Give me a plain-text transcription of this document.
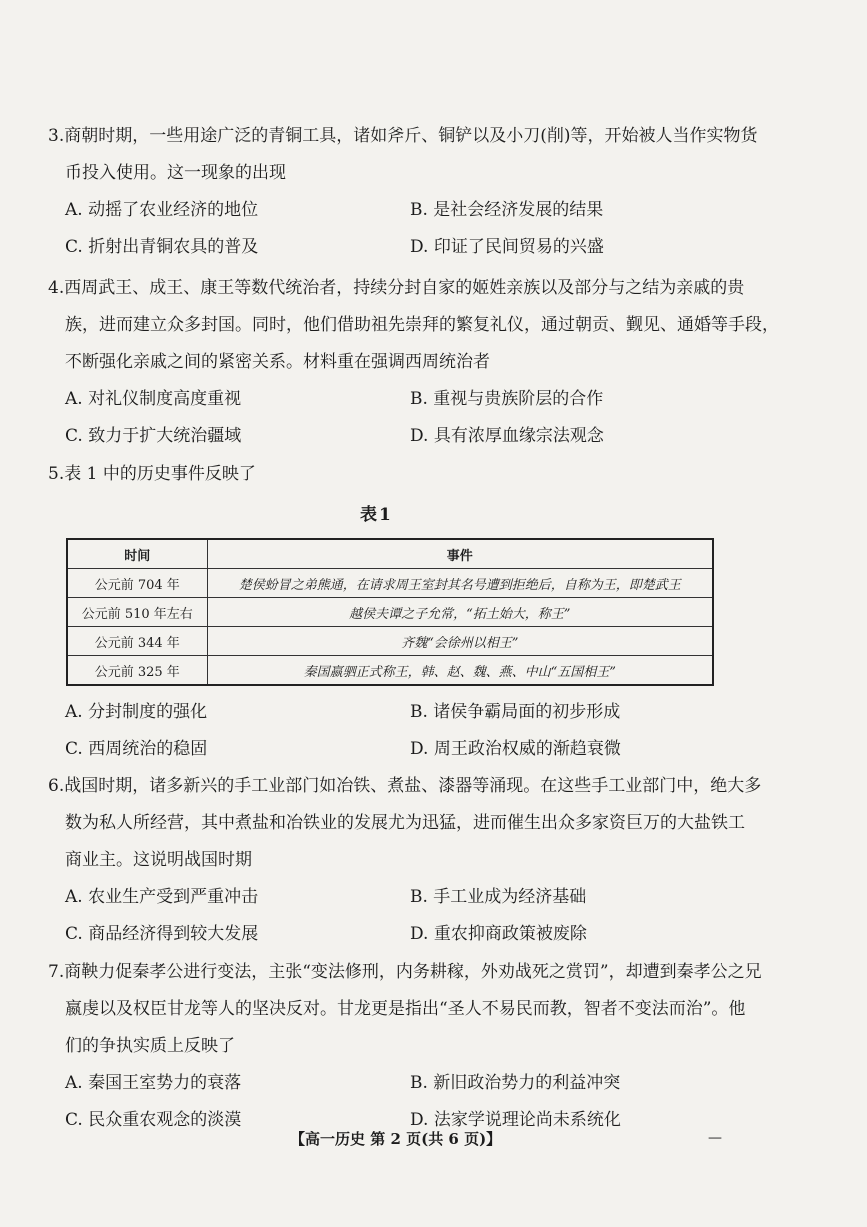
3.商朝时期，一些用途广泛的青铜工具，诸如斧斤、铜铲以及小刀(削)等，开始被人当作实物货
币投入使用。这一现象的出现
A. 动摇了农业经济的地位	B. 是社会经济发展的结果
C. 折射出青铜农具的普及	D. 印证了民间贸易的兴盛
4.西周武王、成王、康王等数代统治者，持续分封自家的姬姓亲族以及部分与之结为亲戚的贵
族，进而建立众多封国。同时，他们借助祖先崇拜的繁复礼仪，通过朝贡、觐见、通婚等手段，
不断强化亲戚之间的紧密关系。材料重在强调西周统治者
A. 对礼仪制度高度重视	B. 重视与贵族阶层的合作
C. 致力于扩大统治疆域	D. 具有浓厚血缘宗法观念
5.表 1 中的历史事件反映了
表1
时间	事件
公元前 704 年	楚侯蚡冒之弟熊通，在请求周王室封其名号遭到拒绝后，自称为王，即楚武王
公元前 510 年左右	越侯夫谭之子允常，“拓土始大，称王”
公元前 344 年	齐魏“会徐州以相王”
公元前 325 年	秦国嬴驷正式称王，韩、赵、魏、燕、中山“五国相王”
A. 分封制度的强化	B. 诸侯争霸局面的初步形成
C. 西周统治的稳固	D. 周王政治权威的渐趋衰微
6.战国时期，诸多新兴的手工业部门如冶铁、煮盐、漆器等涌现。在这些手工业部门中，绝大多
数为私人所经营，其中煮盐和冶铁业的发展尤为迅猛，进而催生出众多家资巨万的大盐铁工
商业主。这说明战国时期
A. 农业生产受到严重冲击	B. 手工业成为经济基础
C. 商品经济得到较大发展	D. 重农抑商政策被废除
7.商鞅力促秦孝公进行变法，主张“变法修刑，内务耕稼，外劝战死之赏罚”，却遭到秦孝公之兄
嬴虔以及权臣甘龙等人的坚决反对。甘龙更是指出“圣人不易民而教，智者不变法而治”。他
们的争执实质上反映了
A. 秦国王室势力的衰落	B. 新旧政治势力的利益冲突
C. 民众重农观念的淡漠	D. 法家学说理论尚未系统化
【高一历史 第 2 页(共 6 页)】	—
